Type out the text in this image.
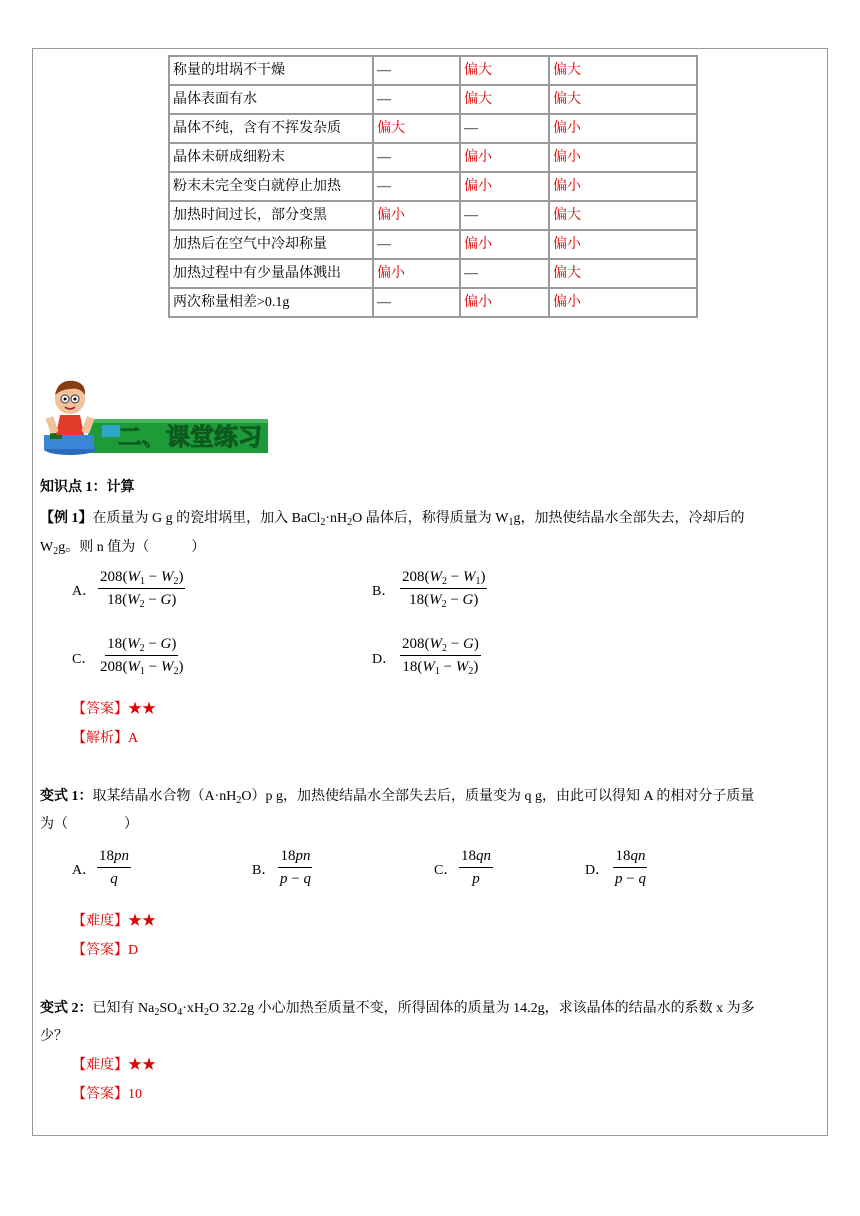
称量的坩埚不干燥	—	偏大	偏大
晶体表面有水	—	偏大	偏大
晶体不纯，含有不挥发杂质	偏大	—	偏小
晶体未研成细粉末	—	偏小	偏小
粉末未完全变白就停止加热	—	偏小	偏小
加热时间过长，部分变黑	偏小	—	偏大
加热后在空气中冷却称量	—	偏小	偏小
加热过程中有少量晶体溅出	偏小	—	偏大
两次称量相差>0.1g	—	偏小	偏小
二、课堂练习
知识点 1：计算
【例 1】在质量为 G g 的瓷坩埚里，加入 $BaCl_2\cdot nH_2O$ 晶体后，称得质量为 $W_1g$，加热使结晶水全部失去，冷却后的
$W_2g$。则 n 值为（　　　）
A． $\frac{208(W_1 - W_2)}{18(W_2 - G)}$	B． $\frac{208(W_2 - W_1)}{18(W_2 - G)}$
C． $\frac{18(W_2 - G)}{208(W_1 - W_2)}$	D． $\frac{208(W_2 - G)}{18(W_1 - W_2)}$
【答案】★★
【解析】A
变式 1：取某结晶水合物$(A\cdot nH_2O)p$ g，加热使结晶水全部失去后，质量变为 q g，由此可以得知 A 的相对分子质量
为（　　　　）
A． $\frac{18pn}{q}$	B． $\frac{18pn}{p - q}$	C． $\frac{18qn}{p}$	D． $\frac{18qn}{p - q}$
【难度】★★
【答案】D
变式 2：已知有 $Na_2SO_4\cdot xH_2O$ 32.2g 小心加热至质量不变，所得固体的质量为 14.2g，求该晶体的结晶水的系数 x 为多
少？
【难度】★★
【答案】10
